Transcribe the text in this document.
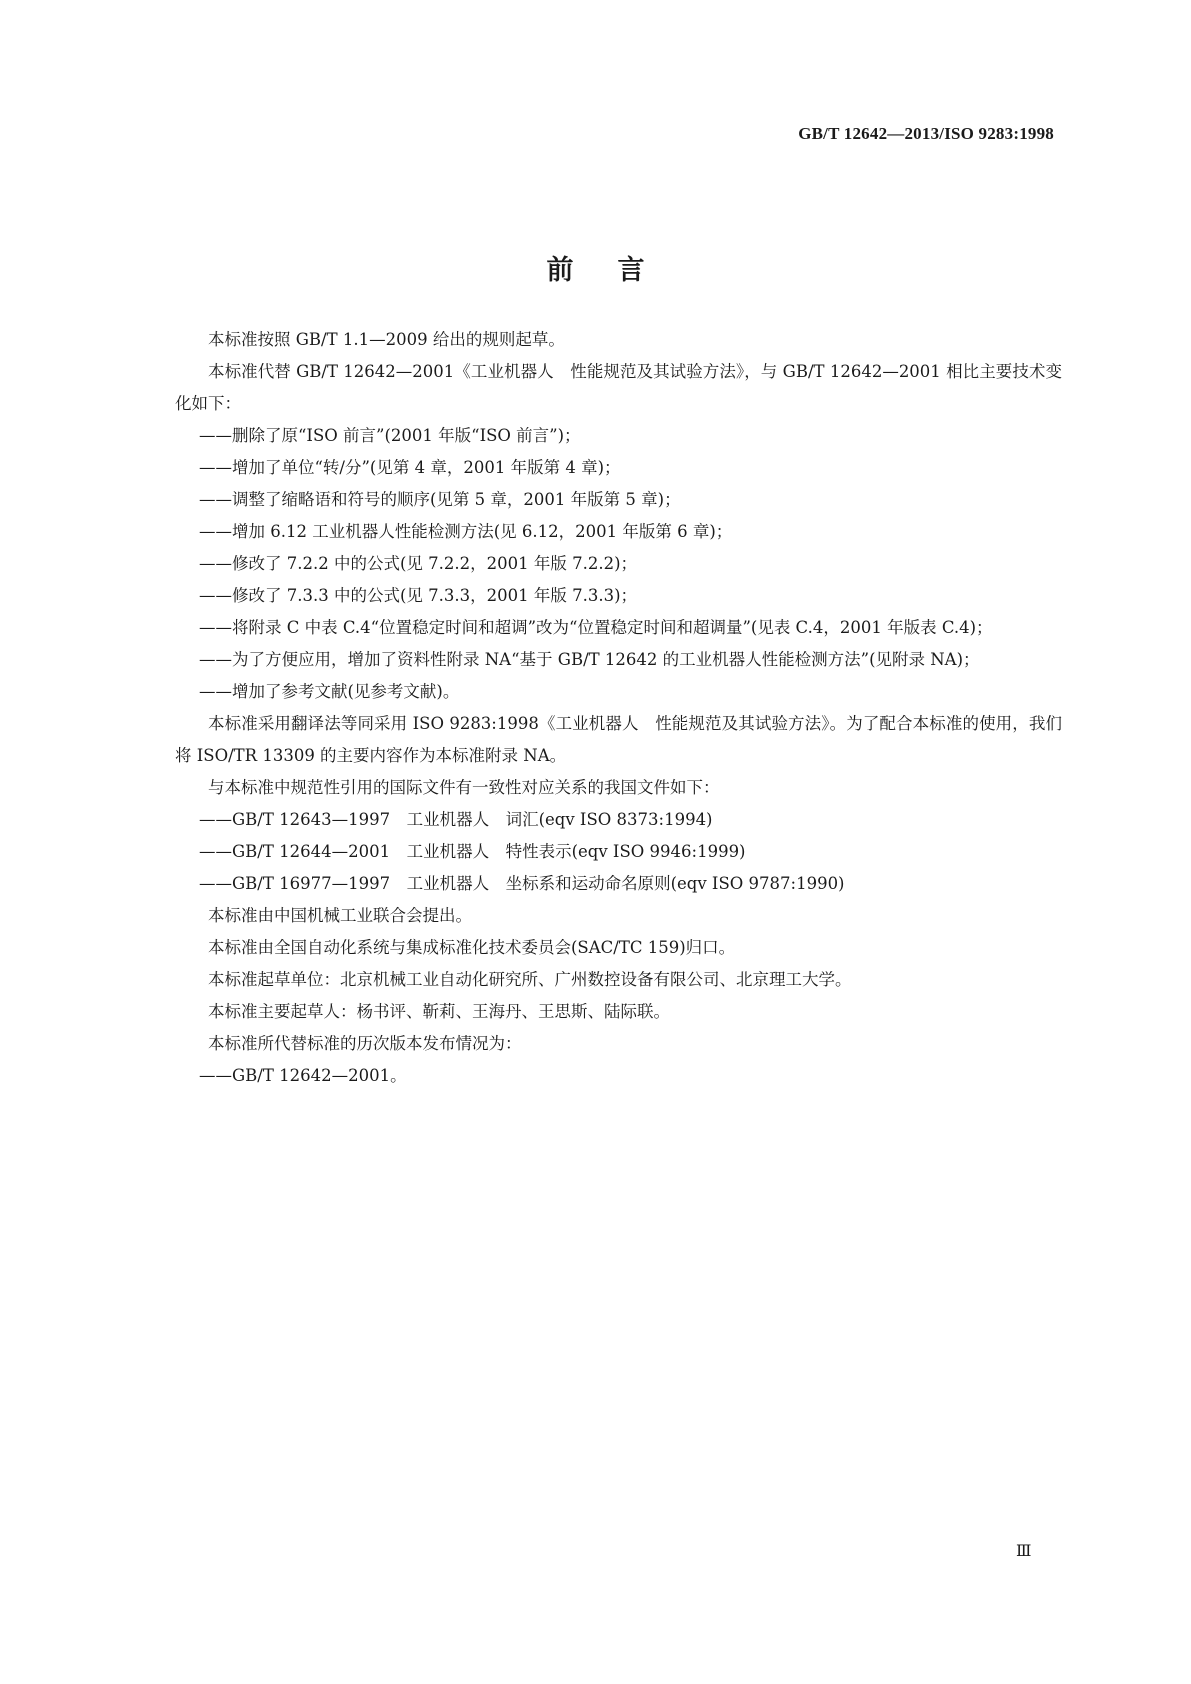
GB/T 12642—2013/ISO 9283:1998
前言

本标准按照 GB/T 1.1—2009 给出的规则起草。

本标准代替 GB/T 12642—2001《工业机器人　性能规范及其试验方法》，与 GB/T 12642—2001 相比主要技术变化如下：

——删除了原“ISO 前言”(2001 年版“ISO 前言”)；

——增加了单位“转/分”(见第 4 章，2001 年版第 4 章)；

——调整了缩略语和符号的顺序(见第 5 章，2001 年版第 5 章)；

——增加 6.12 工业机器人性能检测方法(见 6.12，2001 年版第 6 章)；

——修改了 7.2.2 中的公式(见 7.2.2，2001 年版 7.2.2)；

——修改了 7.3.3 中的公式(见 7.3.3，2001 年版 7.3.3)；

——将附录 C 中表 C.4“位置稳定时间和超调”改为“位置稳定时间和超调量”(见表 C.4，2001 年版表 C.4)；

——为了方便应用，增加了资料性附录 NA“基于 GB/T 12642 的工业机器人性能检测方法”(见附录 NA)；

——增加了参考文献(见参考文献)。

本标准采用翻译法等同采用 ISO 9283:1998《工业机器人　性能规范及其试验方法》。为了配合本标准的使用，我们将 ISO/TR 13309 的主要内容作为本标准附录 NA。

与本标准中规范性引用的国际文件有一致性对应关系的我国文件如下：

——GB/T 12643—1997　工业机器人　词汇(eqv ISO 8373:1994)

——GB/T 12644—2001　工业机器人　特性表示(eqv ISO 9946:1999)

——GB/T 16977—1997　工业机器人　坐标系和运动命名原则(eqv ISO 9787:1990)

本标准由中国机械工业联合会提出。

本标准由全国自动化系统与集成标准化技术委员会(SAC/TC 159)归口。

本标准起草单位：北京机械工业自动化研究所、广州数控设备有限公司、北京理工大学。

本标准主要起草人：杨书评、靳莉、王海丹、王思斯、陆际联。

本标准所代替标准的历次版本发布情况为：

——GB/T 12642—2001。

Ⅲ
